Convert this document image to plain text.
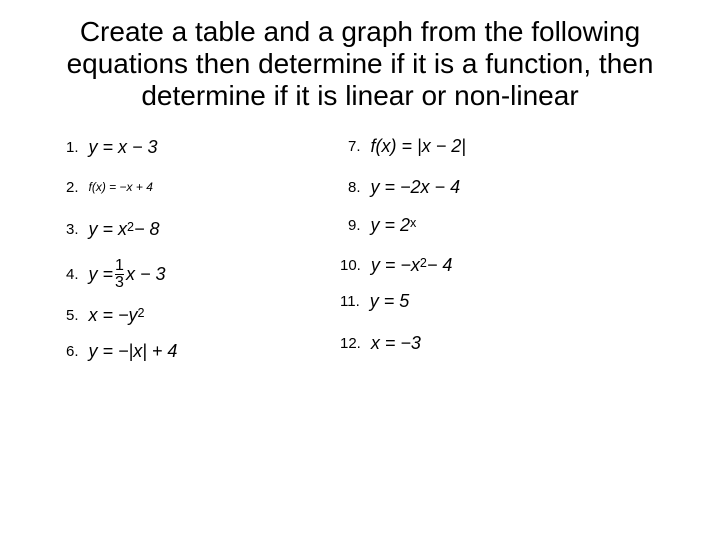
Create a table and a graph from the following
equations then determine if it is a function, then
determine if it is linear or non-linear
1. y = x − 3
2. f(x) = −x + 4
3. $y = x^2 - 8$
4. $y = \frac{1}{3}$ x − 3
5. $x = -y^2$
6. y = −|x| + 4
7. f(x) = |x − 2|
8. y = −2x − 4
9. $y = 2^x$
10. $y = -x^2 - 4$
11. y = 5
12. x = −3
